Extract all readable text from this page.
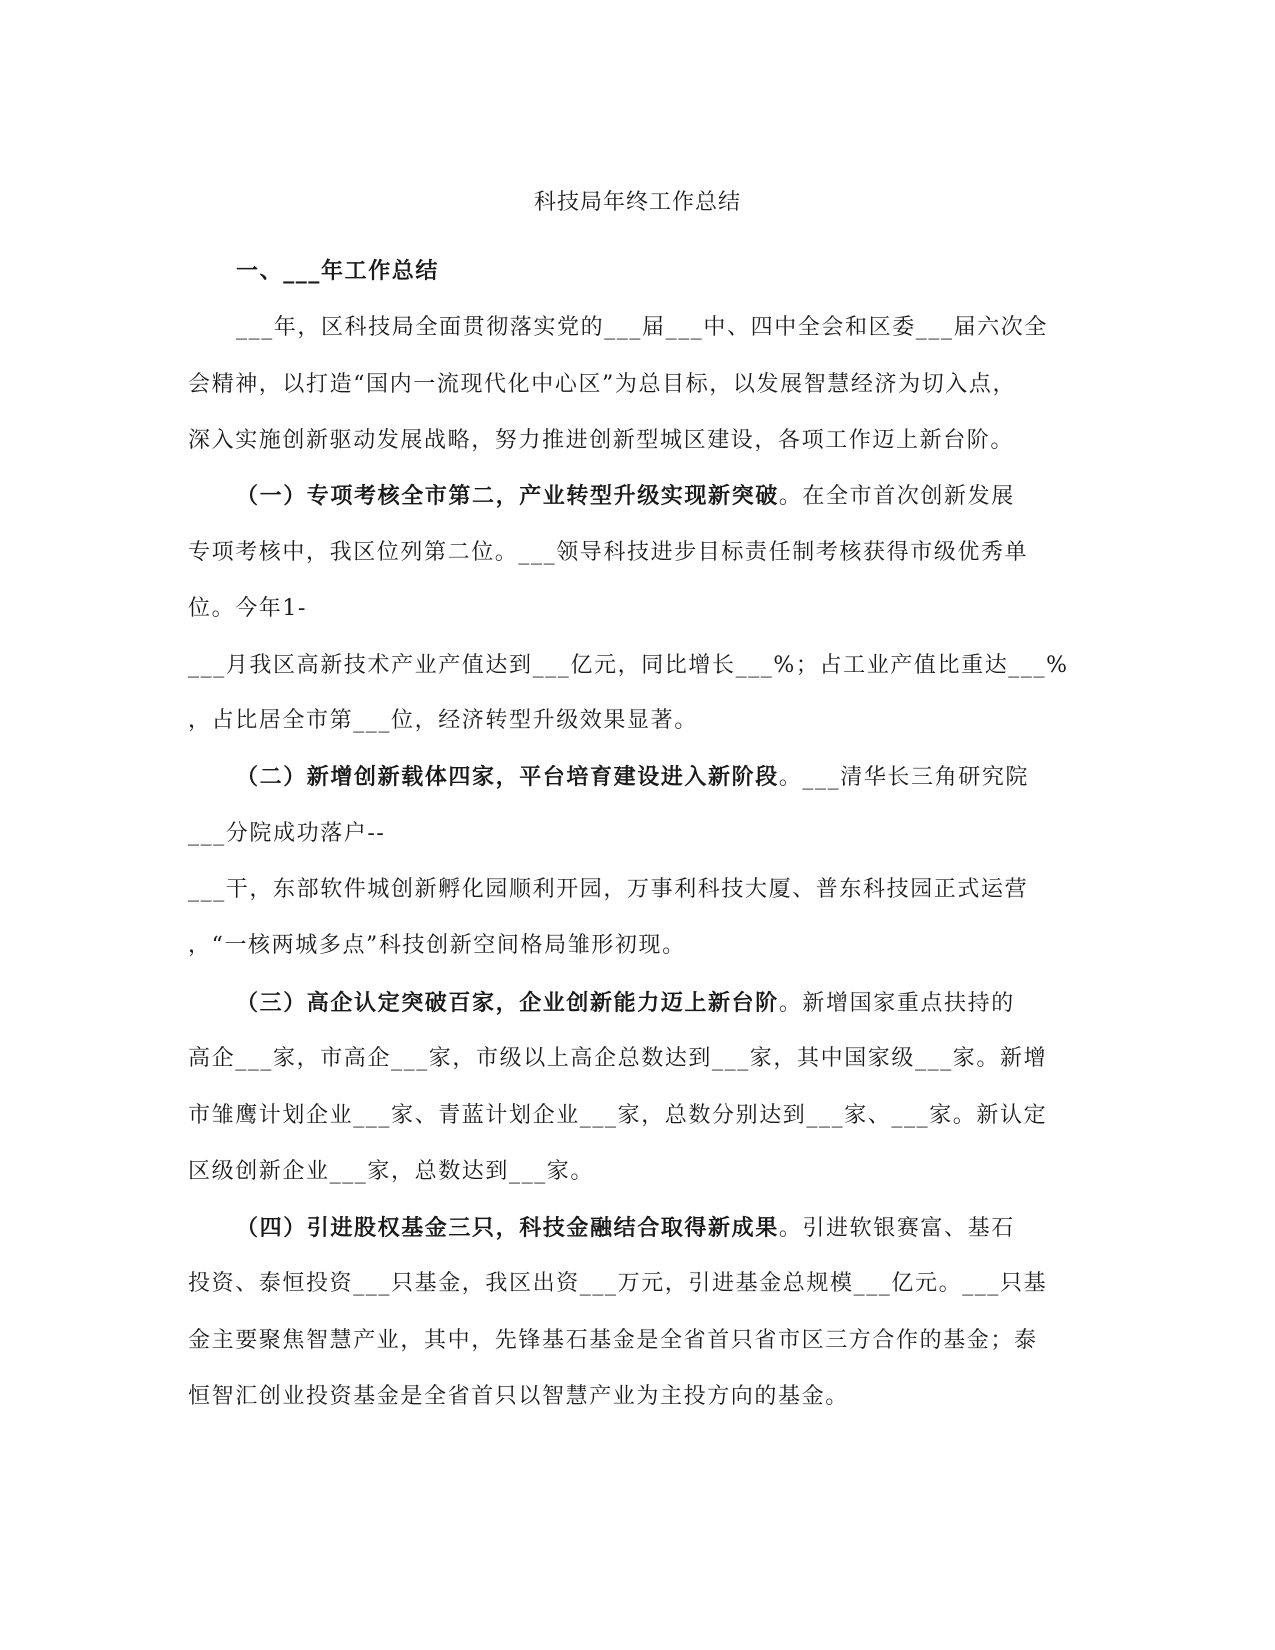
科技局年终工作总结
一、___年工作总结
___年，区科技局全面贯彻落实党的___届___中、四中全会和区委___届六次全
会精神，以打造“国内一流现代化中心区”为总目标，以发展智慧经济为切入点，
深入实施创新驱动发展战略，努力推进创新型城区建设，各项工作迈上新台阶。
（一）专项考核全市第二，产业转型升级实现新突破。在全市首次创新发展
专项考核中，我区位列第二位。___领导科技进步目标责任制考核获得市级优秀单
位。今年1-
___月我区高新技术产业产值达到___亿元，同比增长___%；占工业产值比重达___%
，占比居全市第___位，经济转型升级效果显著。
（二）新增创新载体四家，平台培育建设进入新阶段。___清华长三角研究院
___分院成功落户--
___干，东部软件城创新孵化园顺利开园，万事利科技大厦、普东科技园正式运营
，“一核两城多点”科技创新空间格局雏形初现。
（三）高企认定突破百家，企业创新能力迈上新台阶。新增国家重点扶持的
高企___家，市高企___家，市级以上高企总数达到___家，其中国家级___家。新增
市雏鹰计划企业___家、青蓝计划企业___家，总数分别达到___家、___家。新认定
区级创新企业___家，总数达到___家。
（四）引进股权基金三只，科技金融结合取得新成果。引进软银赛富、基石
投资、泰恒投资___只基金，我区出资___万元，引进基金总规模___亿元。___只基
金主要聚焦智慧产业，其中，先锋基石基金是全省首只省市区三方合作的基金；泰
恒智汇创业投资基金是全省首只以智慧产业为主投方向的基金。
